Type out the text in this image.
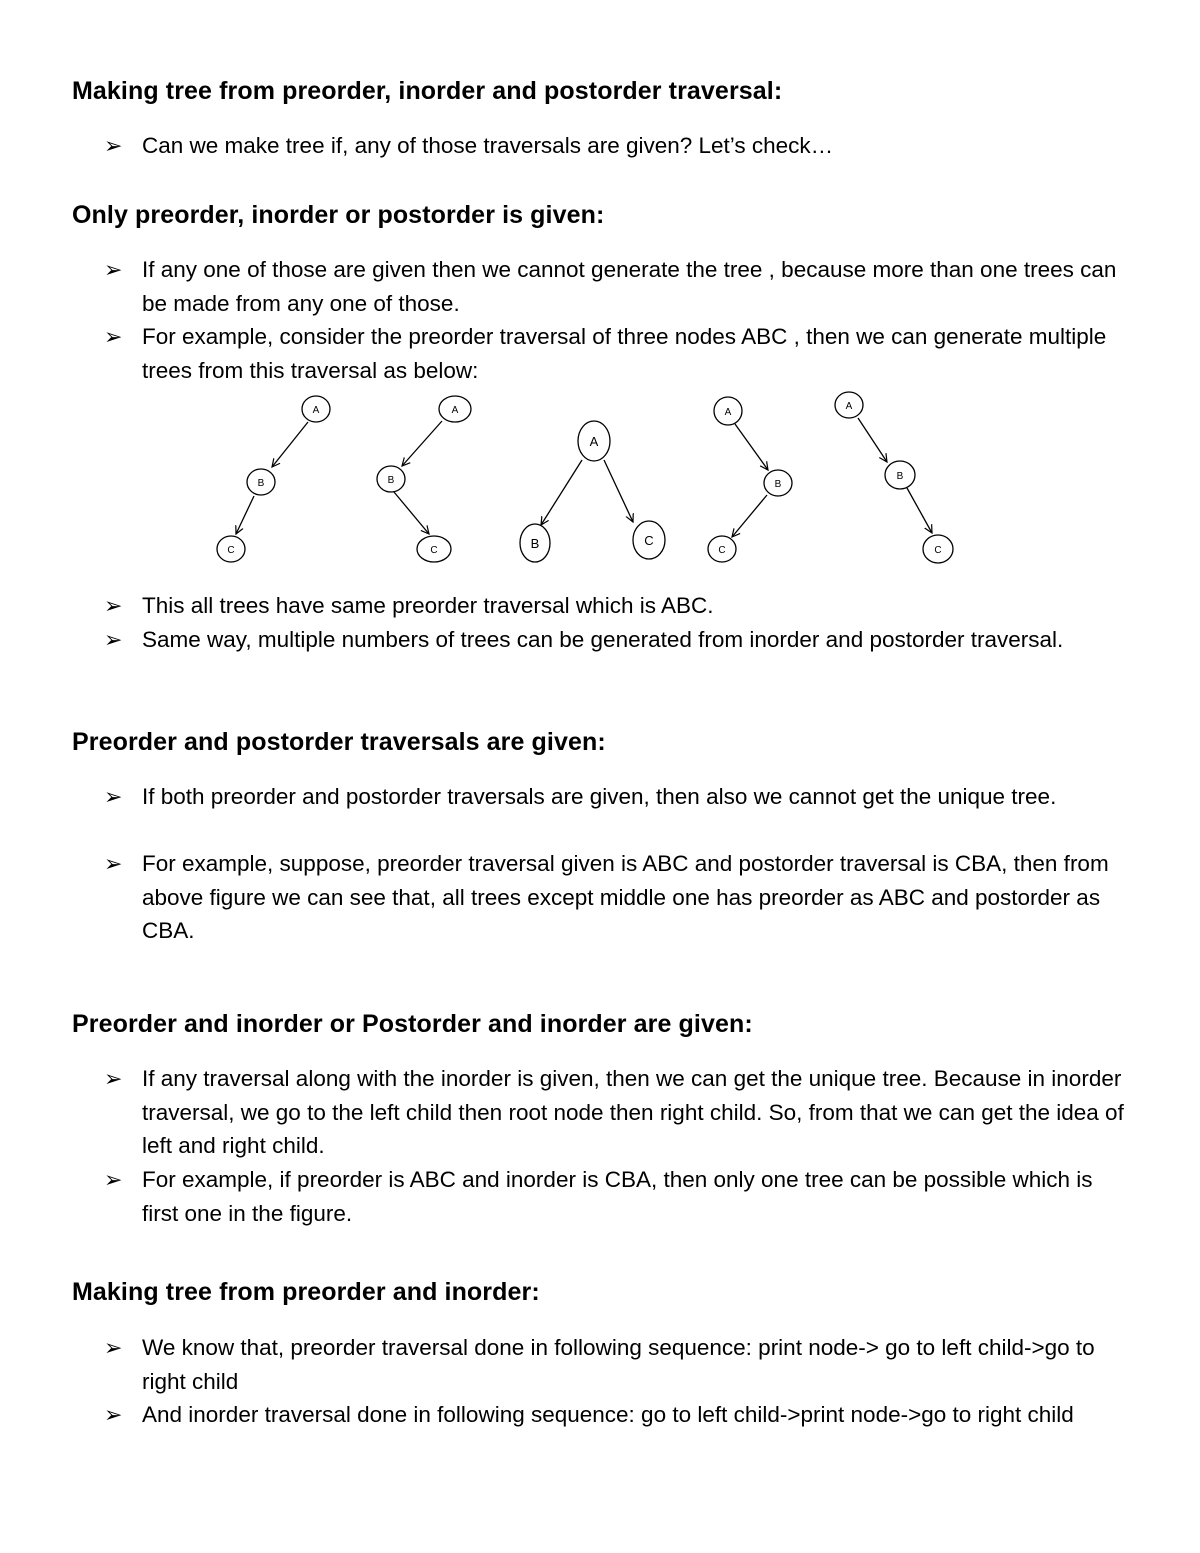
Making tree from preorder, inorder and postorder traversal:
➢ Can we make tree if, any of those traversals are given? Let’s check…
Only preorder, inorder or postorder is given:
➢ If any one of those are given then we cannot generate the tree , because more than one trees can be made from any one of those.
➢ For example, consider the preorder traversal of three nodes ABC , then we can generate multiple trees from this traversal as below:
A
B
C
A
B
C
A
B	C
A
B
C
A
B
C
➢ This all trees have same preorder traversal which is ABC.
➢ Same way, multiple numbers of trees can be generated from inorder and postorder traversal.
Preorder and postorder traversals are given:
➢ If both preorder and postorder traversals are given, then also we cannot get the unique tree.
➢ For example, suppose, preorder traversal given is ABC and postorder traversal is CBA, then from above figure we can see that, all trees except middle one has preorder as ABC and postorder as CBA.
Preorder and inorder or Postorder and inorder are given:
➢ If any traversal along with the inorder is given, then we can get the unique tree. Because in inorder traversal, we go to the left child then root node then right child. So, from that we can get the idea of left and right child.
➢ For example, if preorder is ABC and inorder is CBA, then only one tree can be possible which is first one in the figure.
Making tree from preorder and inorder:
➢ We know that, preorder traversal done in following sequence: print node-> go to left child->go to right child
➢ And inorder traversal done in following sequence: go to left child->print node->go to right child
